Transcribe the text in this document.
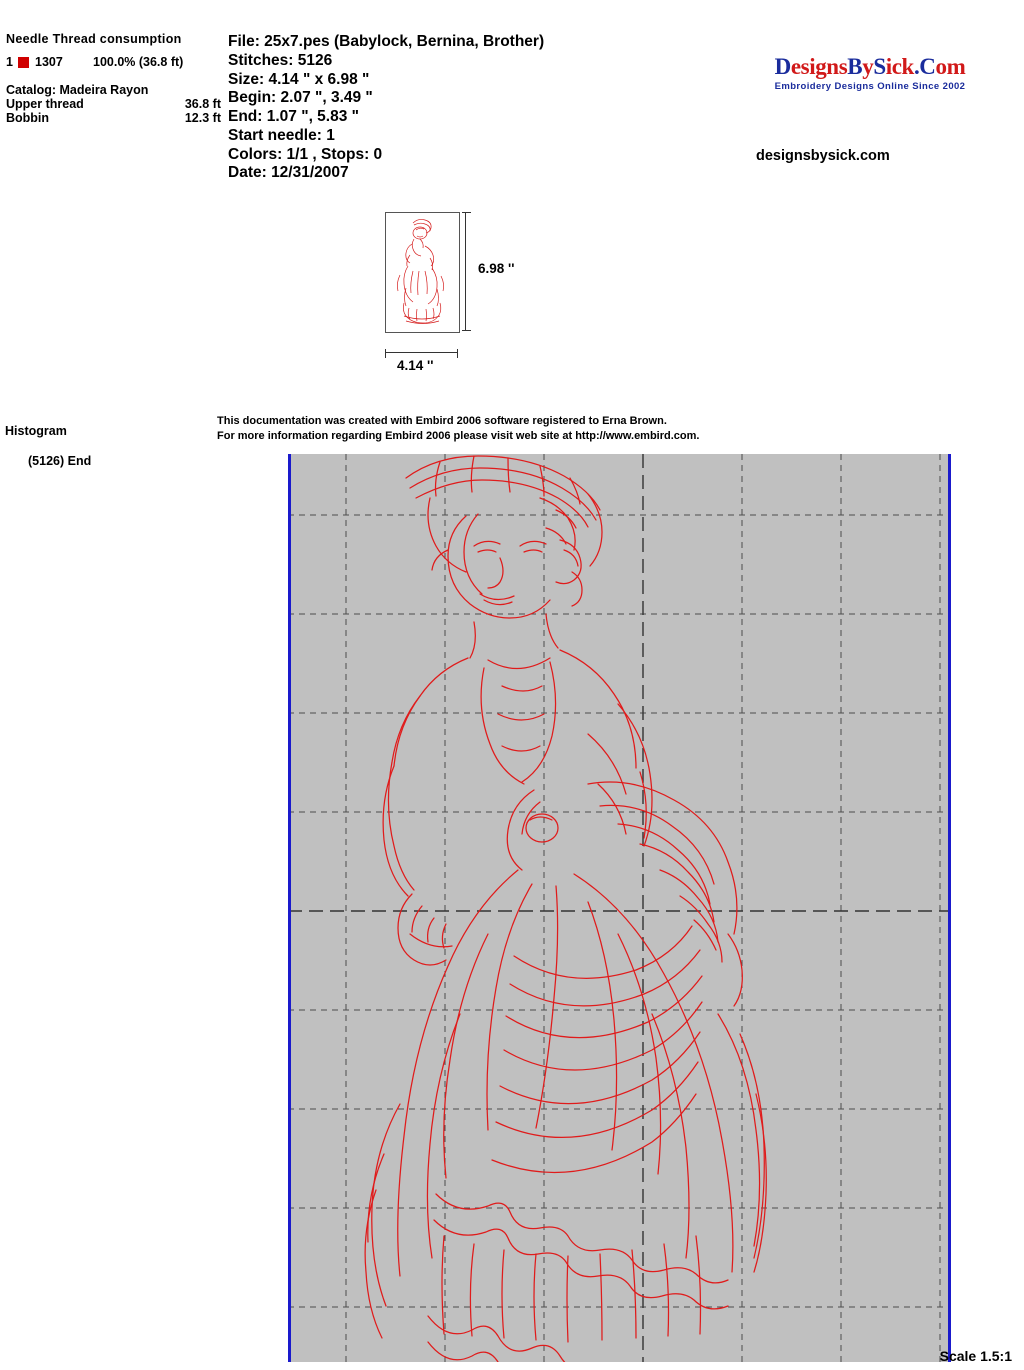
Needle Thread consumption
1	1307	100.0% (36.8 ft)
Catalog: Madeira Rayon
Upper thread	36.8 ft
Bobbin	12.3 ft
File: 25x7.pes (Babylock, Bernina, Brother)
Stitches: 5126
Size: 4.14 " x 6.98 "
Begin: 2.07 ", 3.49 "
End: 1.07 ", 5.83 "
Start needle: 1
Colors: 1/1 , Stops: 0
Date: 12/31/2007
DesignsBySick.Com
Embroidery Designs Online Since 2002
designsbysick.com
6.98 ''
4.14 ''
Histogram
(5126) End
This documentation was created with Embird 2006 software registered to Erna Brown.
For more information regarding Embird 2006 please visit web site at http://www.embird.com.
Scale 1.5:1
